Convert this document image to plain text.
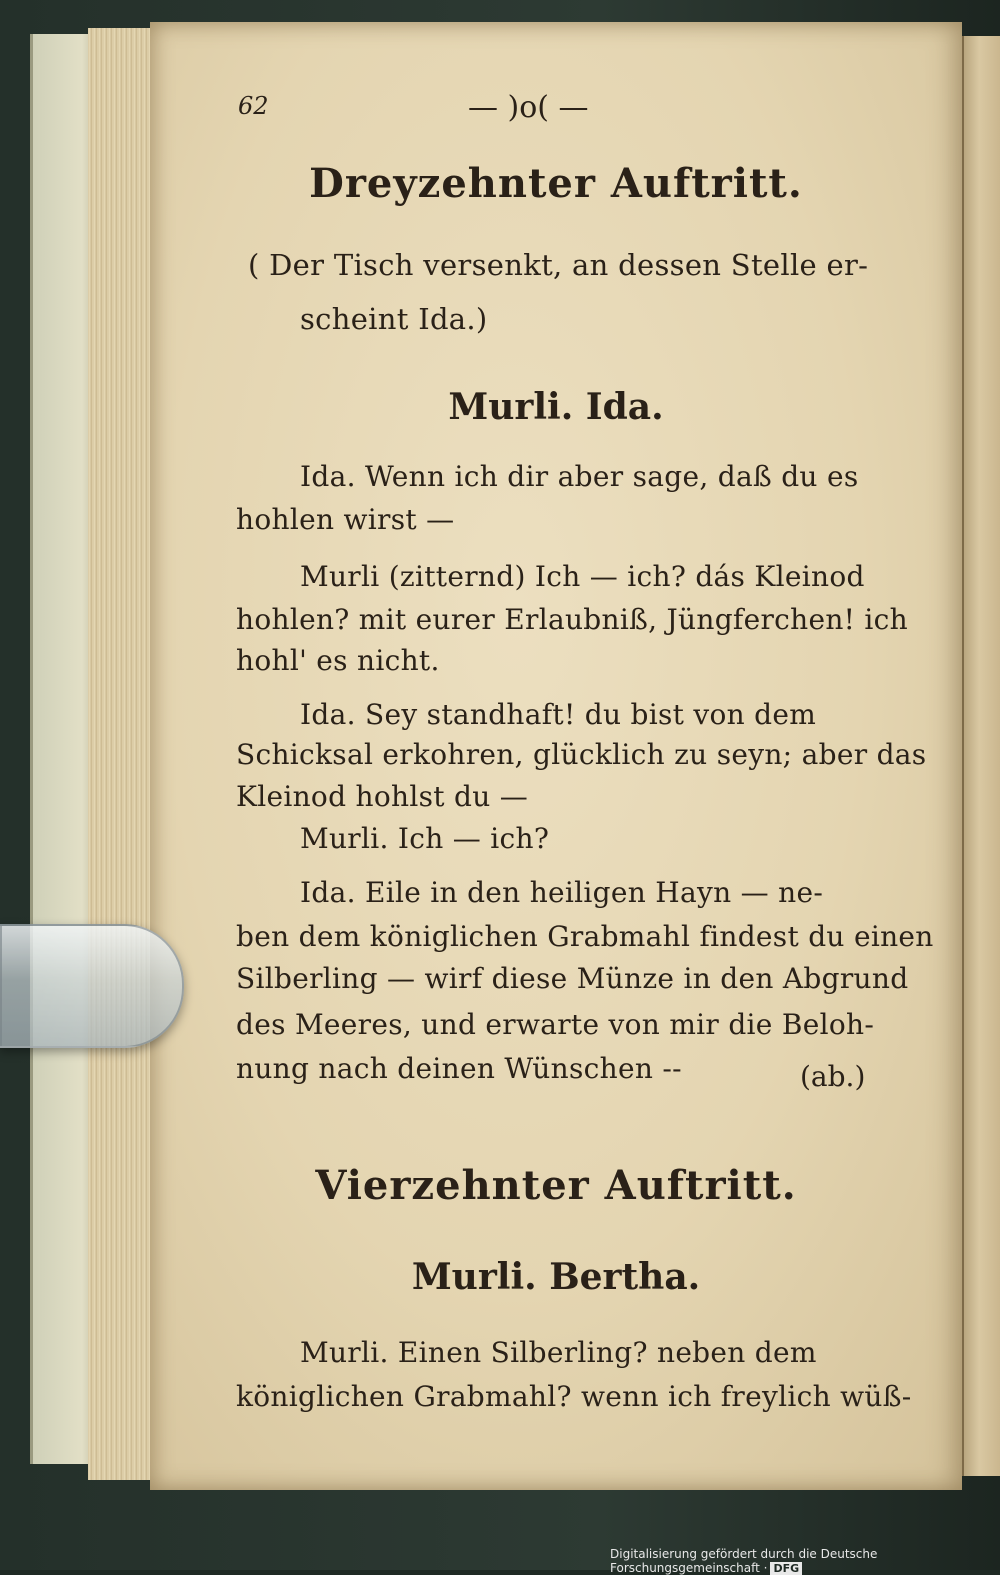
62	— )o( —
Dreyzehnter Auftritt.
( Der Tisch versenkt, an dessen Stelle er-
scheint Ida.)
Murli. Ida.
Ida. Wenn ich dir aber sage, daß du es
hohlen wirst —
Murli (zitternd) Ich — ich? dás Kleinod
hohlen? mit eurer Erlaubniß, Jüngferchen! ich
hohl' es nicht.
Ida. Sey standhaft! du bist von dem
Schicksal erkohren, glücklich zu seyn; aber das
Kleinod hohlst du —
Murli. Ich — ich?
Ida. Eile in den heiligen Hayn — ne-
ben dem königlichen Grabmahl findest du einen
Silberling — wirf diese Münze in den Abgrund
des Meeres, und erwarte von mir die Beloh-
nung nach deinen Wünschen --	(ab.)
Vierzehnter Auftritt.
Murli. Bertha.
Murli. Einen Silberling? neben dem
königlichen Grabmahl? wenn ich freylich wüß-
Digitalisierung gefördert durch die Deutsche Forschungsgemeinschaft · DFG
